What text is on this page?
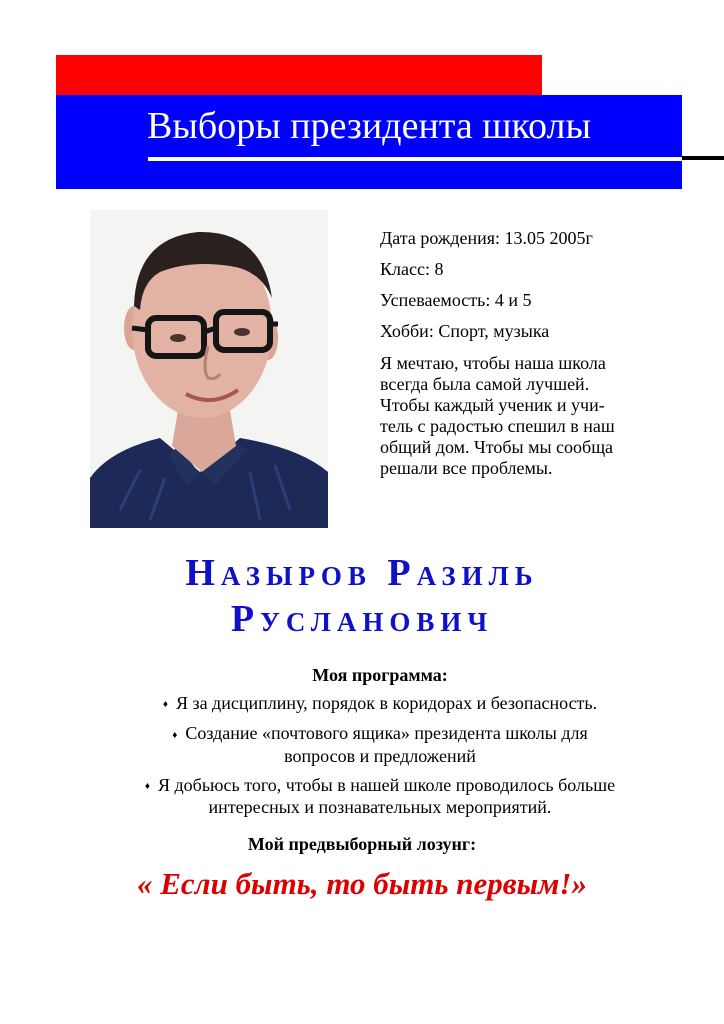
Выборы президента школы
Дата рождения: 13.05 2005г
Класс: 8
Успеваемость: 4 и 5
Хобби: Спорт, музыка
Я мечтаю, чтобы наша школа
всегда была самой лучшей.
Чтобы каждый ученик и учи-
тель с радостью спешил в наш
общий дом. Чтобы мы сообща
решали все проблемы.
Назыров Разиль
Русланович
Моя программа:
♦ Я за дисциплину, порядок в коридорах и безопасность.
♦ Создание «почтового ящика» президента школы для
вопросов и предложений
♦ Я добьюсь того, чтобы в нашей школе проводилось больше
интересных и познавательных мероприятий.
Мой предвыборный лозунг:
« Если быть, то быть первым!»
